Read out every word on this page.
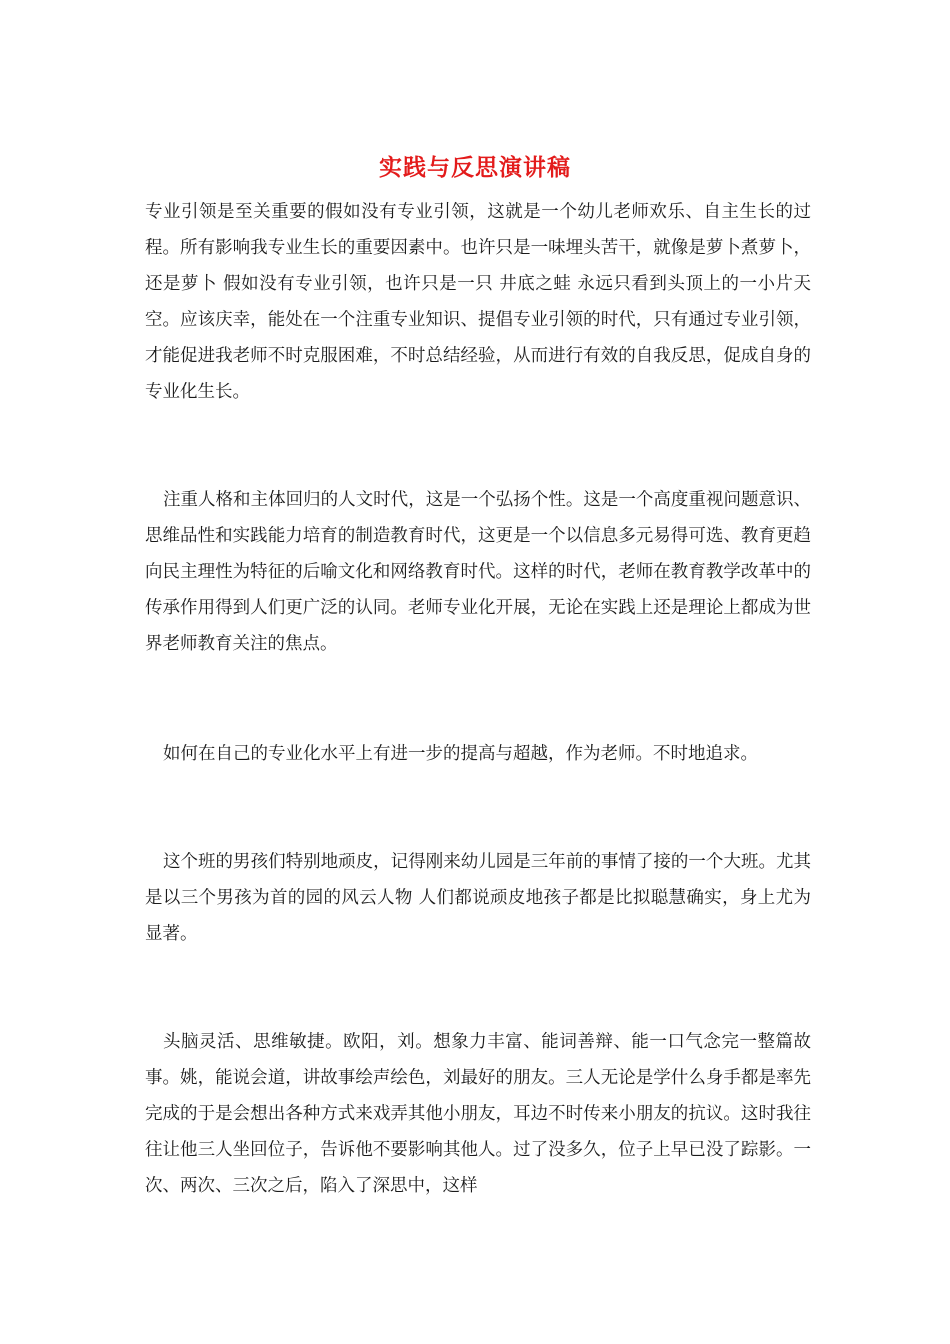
实践与反思演讲稿

专业引领是至关重要的假如没有专业引领，这就是一个幼儿老师欢乐、自主生长的过程。所有影响我专业生长的重要因素中。也许只是一味埋头苦干，就像是萝卜煮萝卜，还是萝卜 假如没有专业引领，也许只是一只 井底之蛙 永远只看到头顶上的一小片天空。应该庆幸，能处在一个注重专业知识、提倡专业引领的时代，只有通过专业引领，才能促进我老师不时克服困难，不时总结经验，从而进行有效的自我反思，促成自身的专业化生长。

注重人格和主体回归的人文时代，这是一个弘扬个性。这是一个高度重视问题意识、思维品性和实践能力培育的制造教育时代，这更是一个以信息多元易得可选、教育更趋向民主理性为特征的后喻文化和网络教育时代。这样的时代，老师在教育教学改革中的传承作用得到人们更广泛的认同。老师专业化开展，无论在实践上还是理论上都成为世界老师教育关注的焦点。

如何在自己的专业化水平上有进一步的提高与超越，作为老师。不时地追求。

这个班的男孩们特别地顽皮，记得刚来幼儿园是三年前的事情了接的一个大班。尤其是以三个男孩为首的园的风云人物 人们都说顽皮地孩子都是比拟聪慧确实，身上尤为显著。

头脑灵活、思维敏捷。欧阳，刘。想象力丰富、能词善辩、能一口气念完一整篇故事。姚，能说会道，讲故事绘声绘色，刘最好的朋友。三人无论是学什么身手都是率先完成的于是会想出各种方式来戏弄其他小朋友，耳边不时传来小朋友的抗议。这时我往往让他三人坐回位子，告诉他不要影响其他人。过了没多久，位子上早已没了踪影。一次、两次、三次之后，陷入了深思中，这样
